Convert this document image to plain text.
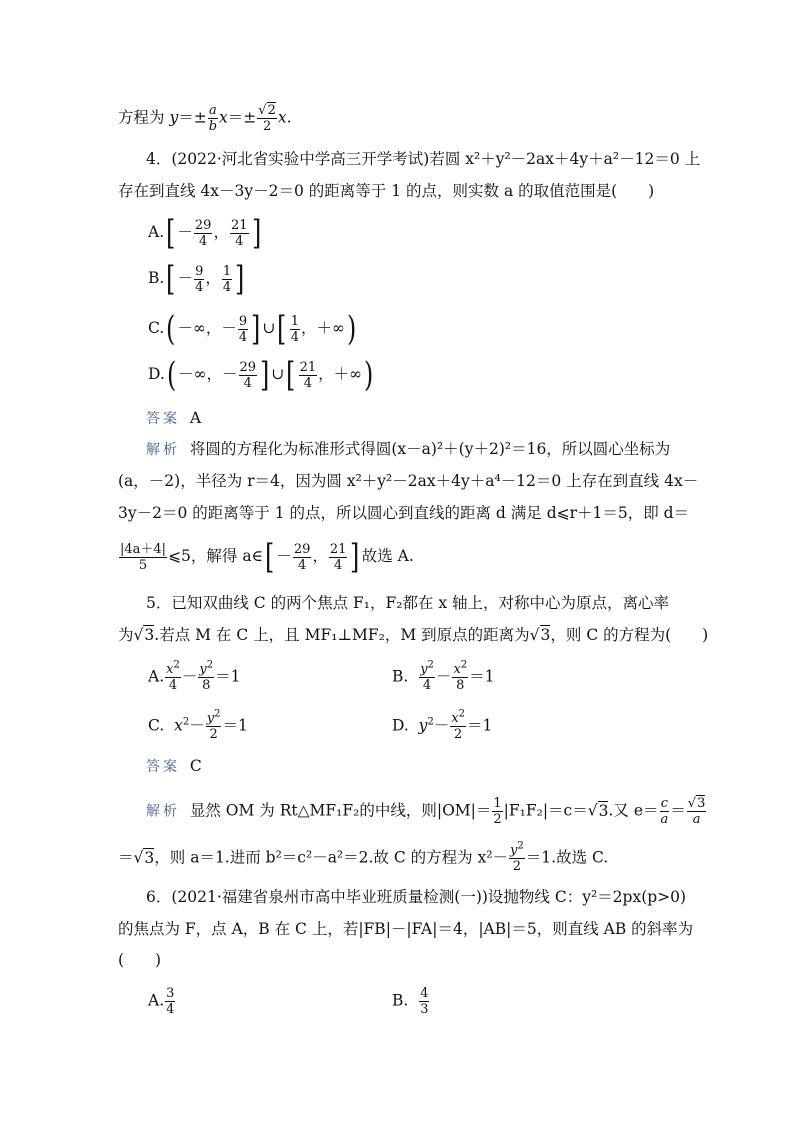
方程为 $y=\pm \frac{a}{b} x=\pm \frac{√2}{2} x$.
4．(2022·河北省实验中学高三开学考试)若圆 x²＋y²－2ax＋4y＋a²－12＝0 上
存在到直线 4x－3y－2＝0 的距离等于 1 的点，则实数 a 的取值范围是(　　)
$A.[ - \frac{29}{4}$ ， $\frac{21}{4}$ ]
$B.[ - \frac{9}{4}$ ， $\frac{1}{4}$ ]
C.( －∞，－ $\frac{9}{4}$ ] ∪[ $\frac{1}{4}$ ，＋∞)
D.( －∞，－ $\frac{29}{4}$ ] ∪[ $\frac{21}{4}$ ，＋∞)
答案 A
解析 将圆的方程化为标准形式得圆(x－a)²＋(y＋2)²＝16，所以圆心坐标为
(a，－2)，半径为 r＝4，因为圆 x²＋y²－2ax＋4y＋a⁴－12＝0 上存在到直线 4x－
3y－2＝0 的距离等于 1 的点，所以圆心到直线的距离 d 满足 d⩽r＋1＝5，即 d＝
$\frac{|4a+4|}{5}$ ⩽5，解得 a∈[ － $\frac{29}{4}$ ， $\frac{21}{4}$ ] 故选 A.
5．已知双曲线 C 的两个焦点 F₁，F₂都在 x 轴上，对称中心为原点，离心率
为√3.若点 M 在 C 上，且 MF₁⊥MF₂，M 到原点的距离为√3，则 C 的方程为(　　)
A. $\frac{x^2}{4} - \frac{y^2}{8} =1$	B. $\frac{y^2}{4} - \frac{x^2}{8} =1$
C. $x^2- \frac{y^2}{2} =1$	D. $y^2- \frac{x^2}{2} =1$
答案 C
解析 显然 OM 为 Rt△MF₁F₂的中线，则$|OM|= \frac{1}{2} |F_1F_2|=c=√3$.又 $e= \frac{c}{a} = \frac{√3}{a}$
＝√3，则 a＝1.进而 b²＝c²－a²＝2.故 C 的方程为 $x^2- \frac{y^2}{2} =1$.故选 C.
6．(2021·福建省泉州市高中毕业班质量检测(一))设抛物线 C：y²＝2px(p>0)
的焦点为 F，点 A，B 在 C 上，若|FB|－|FA|＝4，|AB|＝5，则直线 AB 的斜率为
(　　)
A. $\frac{3}{4}$	B. $\frac{4}{3}$
